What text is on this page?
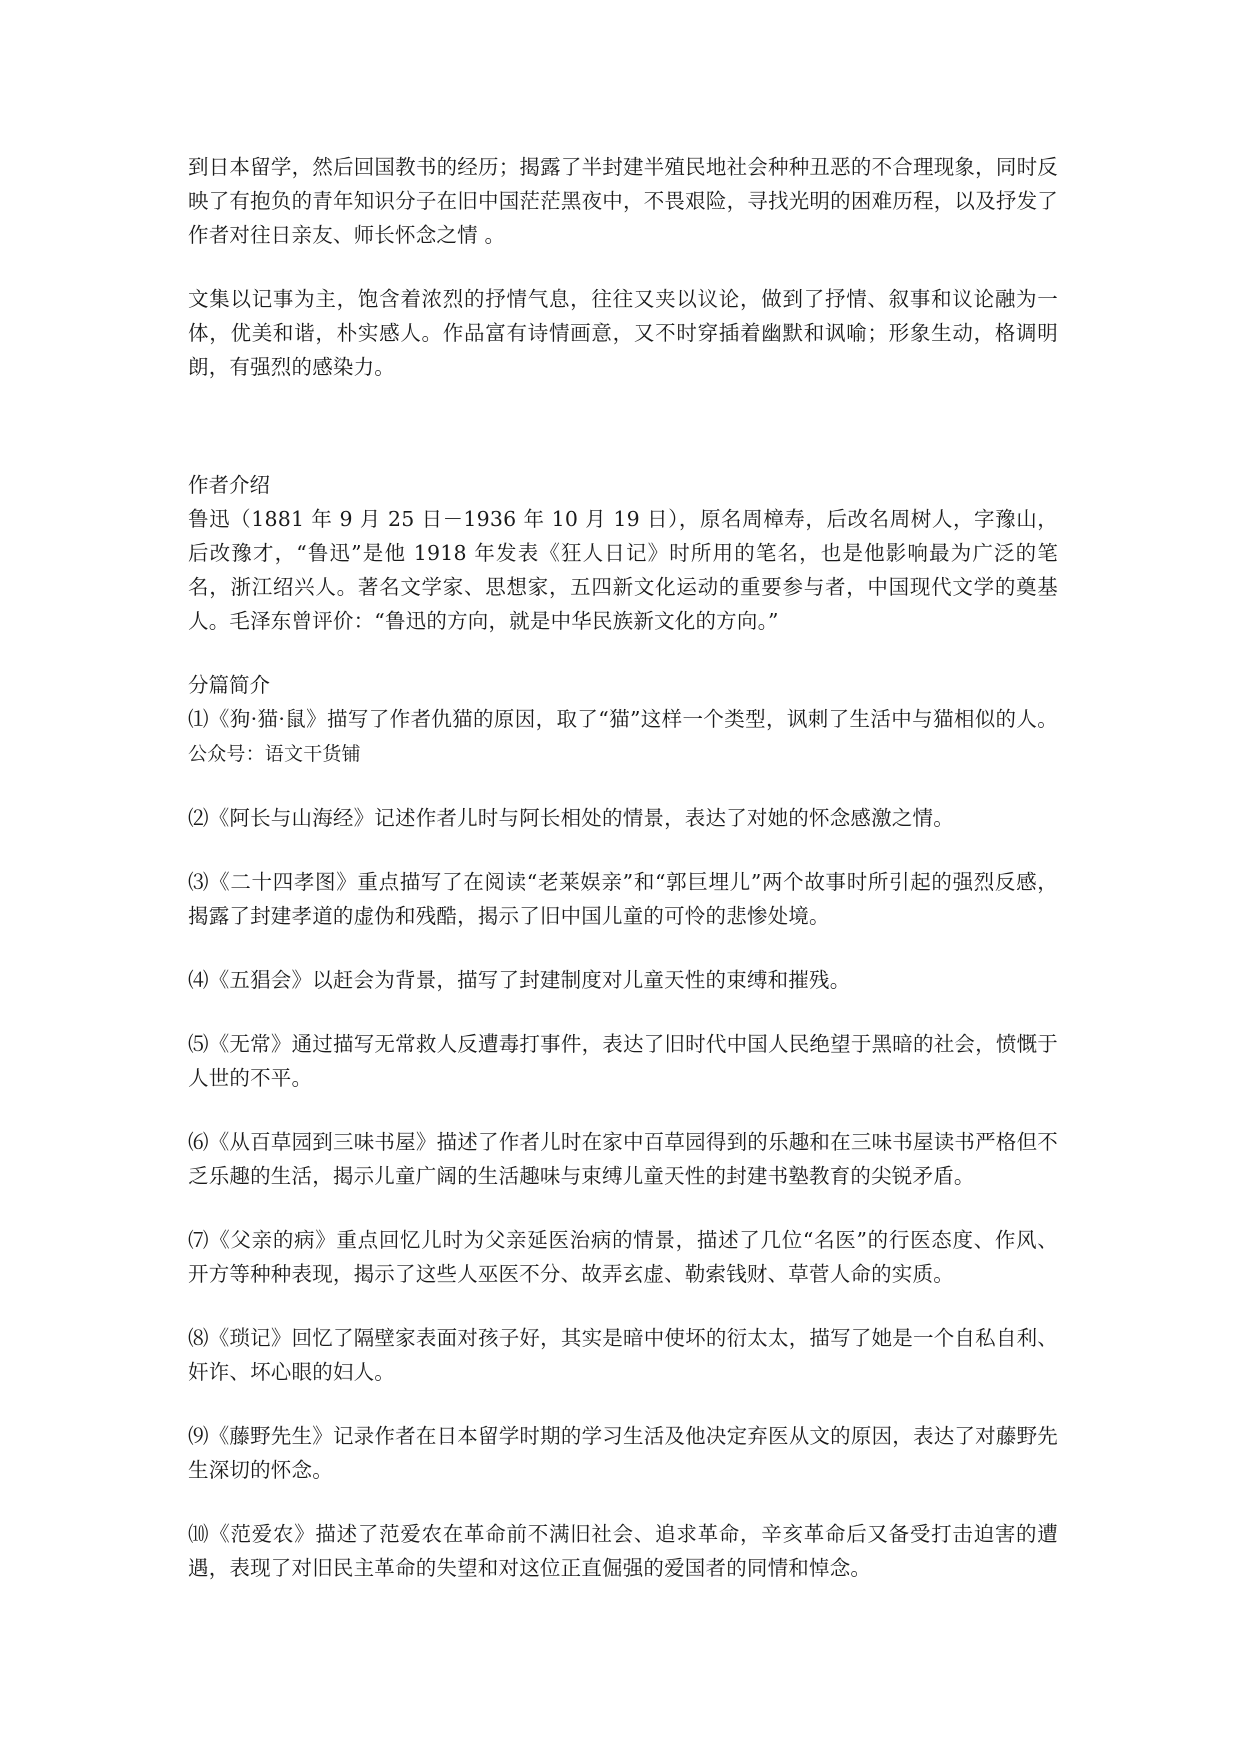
到日本留学，然后回国教书的经历；揭露了半封建半殖民地社会种种丑恶的不合理现象，同时反映了有抱负的青年知识分子在旧中国茫茫黑夜中，不畏艰险，寻找光明的困难历程，以及抒发了作者对往日亲友、师长怀念之情 。

文集以记事为主，饱含着浓烈的抒情气息，往往又夹以议论，做到了抒情、叙事和议论融为一体，优美和谐，朴实感人。作品富有诗情画意，又不时穿插着幽默和讽喻；形象生动，格调明朗，有强烈的感染力。

作者介绍

鲁迅（1881 年 9 月 25 日－1936 年 10 月 19 日），原名周樟寿，后改名周树人，字豫山，后改豫才，“鲁迅”是他 1918 年发表《狂人日记》时所用的笔名，也是他影响最为广泛的笔名，浙江绍兴人。著名文学家、思想家，五四新文化运动的重要参与者，中国现代文学的奠基人。毛泽东曾评价：“鲁迅的方向，就是中华民族新文化的方向。”

分篇简介

⑴《狗·猫·鼠》描写了作者仇猫的原因，取了“猫”这样一个类型，讽刺了生活中与猫相似的人。公众号：语文干货铺

⑵《阿长与山海经》记述作者儿时与阿长相处的情景，表达了对她的怀念感激之情。

⑶《二十四孝图》重点描写了在阅读“老莱娱亲”和“郭巨埋儿”两个故事时所引起的强烈反感，揭露了封建孝道的虚伪和残酷，揭示了旧中国儿童的可怜的悲惨处境。

⑷《五猖会》以赶会为背景，描写了封建制度对儿童天性的束缚和摧残。

⑸《无常》通过描写无常救人反遭毒打事件，表达了旧时代中国人民绝望于黑暗的社会，愤慨于人世的不平。

⑹《从百草园到三味书屋》描述了作者儿时在家中百草园得到的乐趣和在三味书屋读书严格但不乏乐趣的生活，揭示儿童广阔的生活趣味与束缚儿童天性的封建书塾教育的尖锐矛盾。

⑺《父亲的病》重点回忆儿时为父亲延医治病的情景，描述了几位“名医”的行医态度、作风、开方等种种表现，揭示了这些人巫医不分、故弄玄虚、勒索钱财、草菅人命的实质。

⑻《琐记》回忆了隔壁家表面对孩子好，其实是暗中使坏的衍太太，描写了她是一个自私自利、奸诈、坏心眼的妇人。

⑼《藤野先生》记录作者在日本留学时期的学习生活及他决定弃医从文的原因，表达了对藤野先生深切的怀念。

⑽《范爱农》描述了范爱农在革命前不满旧社会、追求革命，辛亥革命后又备受打击迫害的遭遇，表现了对旧民主革命的失望和对这位正直倔强的爱国者的同情和悼念。
